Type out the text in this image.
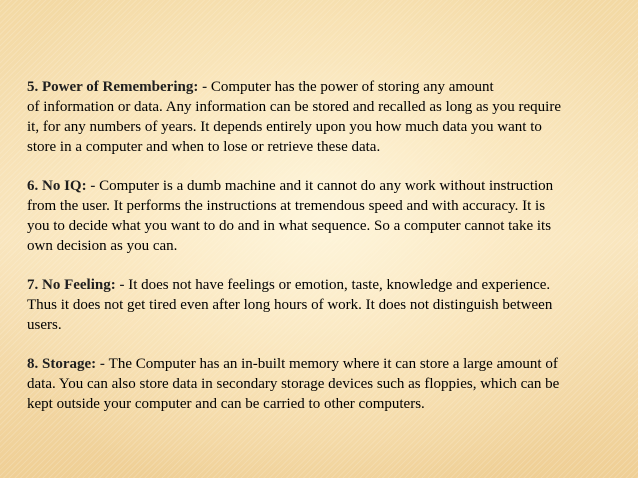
5. Power of Remembering: - Computer has the power of storing any amount
of information or data. Any information can be stored and recalled as long as you require
it, for any numbers of years. It depends entirely upon you how much data you want to
store in a computer and when to lose or retrieve these data.

6. No IQ: - Computer is a dumb machine and it cannot do any work without instruction
from the user. It performs the instructions at tremendous speed and with accuracy. It is
you to decide what you want to do and in what sequence. So a computer cannot take its
own decision as you can.

7. No Feeling: - It does not have feelings or emotion, taste, knowledge and experience.
Thus it does not get tired even after long hours of work. It does not distinguish between
users.

8. Storage: - The Computer has an in-built memory where it can store a large amount of
data. You can also store data in secondary storage devices such as floppies, which can be
kept outside your computer and can be carried to other computers.
